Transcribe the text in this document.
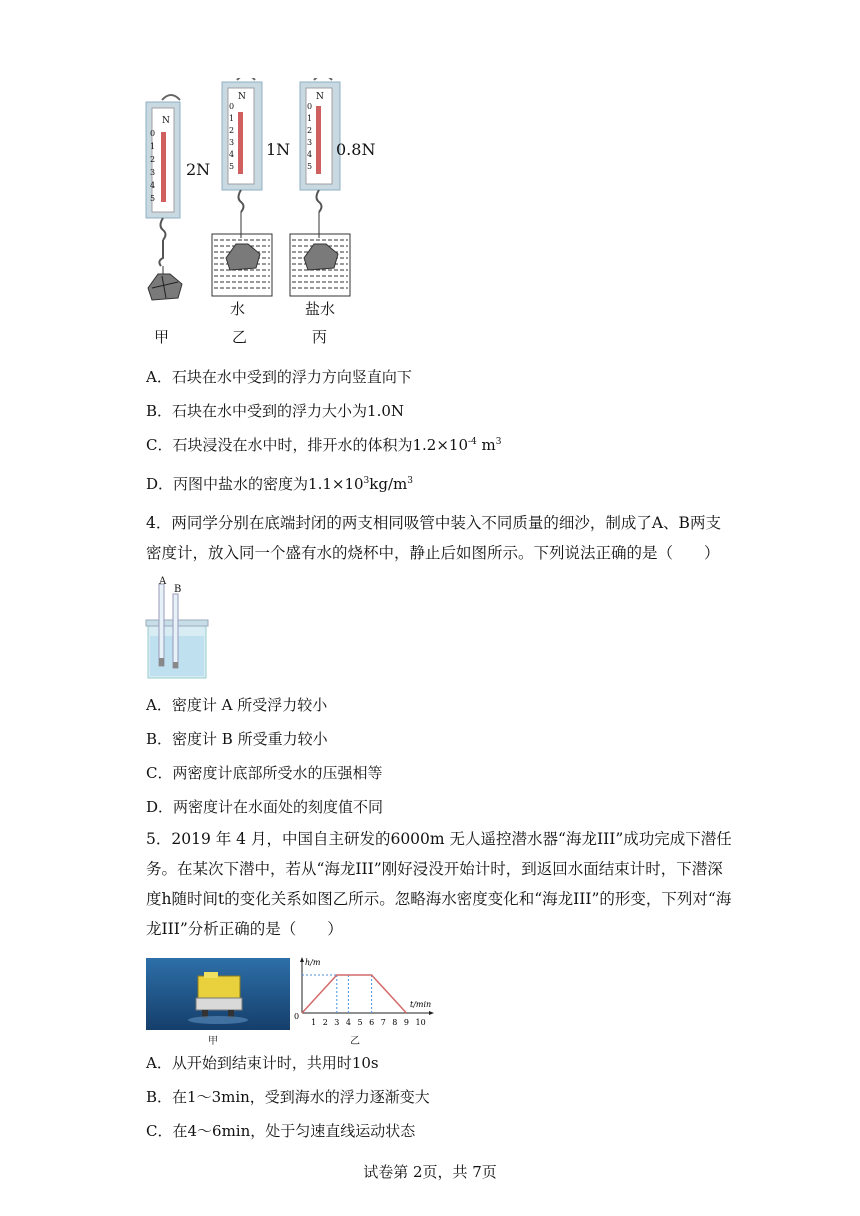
N
0
1
2
3
4
5
N
0
1
2
3
4
5
N
0
1
2
3
4
5
2N
1N	0.8N
水	盐水
甲	乙	丙
A．石块在水中受到的浮力方向竖直向下
B．石块在水中受到的浮力大小为1.0N
C．石块浸没在水中时，排开水的体积为$1.2\times 10^{-4}$ $m^3$
D．丙图中盐水的密度为$1.1\times 10^3kg/m^3$
4．两同学分别在底端封闭的两支相同吸管中装入不同质量的细沙，制成了A、B两支密度计，放入同一个盛有水的烧杯中，静止后如图所示。下列说法正确的是（　　）
A
B
A．密度计 A 所受浮力较小
B．密度计 B 所受重力较小
C．两密度计底部所受水的压强相等
D．两密度计在水面处的刻度值不同
5．2019 年 4 月，中国自主研发的6000m 无人遥控潜水器“海龙III”成功完成下潜任务。在某次下潜中，若从“海龙III”刚好浸没开始计时，到返回水面结束计时，下潜深度h随时间t的变化关系如图乙所示。忽略海水密度变化和“海龙III”的形变，下列对“海龙III”分析正确的是（　　）
甲
1 2 3 4 5 6 7 8 9 10
h/m
t/min
0
乙
A．从开始到结束计时，共用时10s
B．在1～3min，受到海水的浮力逐渐变大
C．在4～6min，处于匀速直线运动状态
试卷第 2页，共 7页
